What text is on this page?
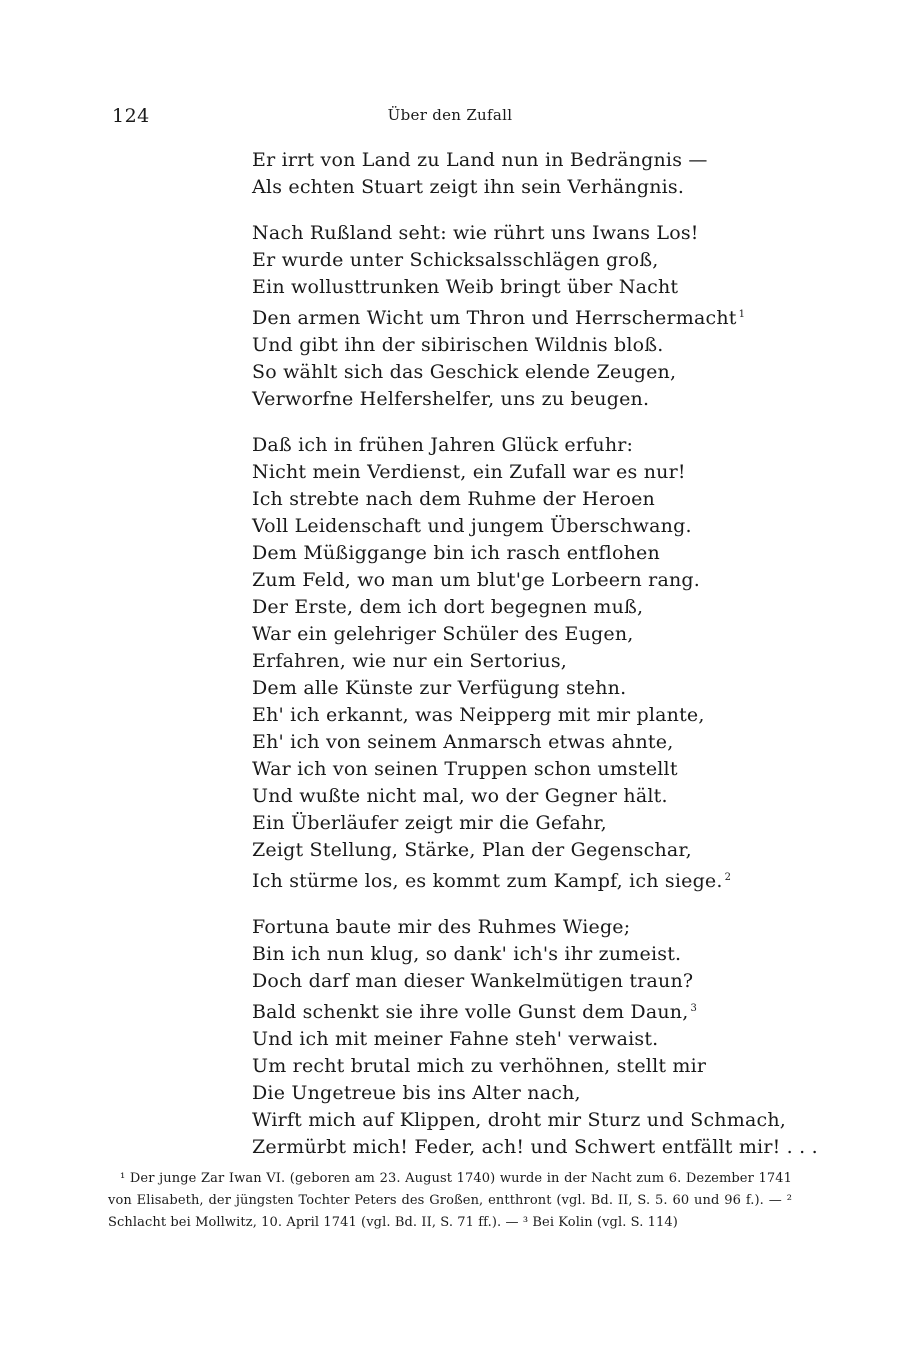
124	Über den Zufall
Er irrt von Land zu Land nun in Bedrängnis —
Als echten Stuart zeigt ihn sein Verhängnis.
Nach Rußland seht: wie rührt uns Iwans Los!
Er wurde unter Schicksalsschlägen groß,
Ein wollusttrunken Weib bringt über Nacht
Den armen Wicht um Thron und Herrschermacht $^1$
Und gibt ihn der sibirischen Wildnis bloß.
So wählt sich das Geschick elende Zeugen,
Verworfne Helfershelfer, uns zu beugen.
Daß ich in frühen Jahren Glück erfuhr:
Nicht mein Verdienst, ein Zufall war es nur!
Ich strebte nach dem Ruhme der Heroen
Voll Leidenschaft und jungem Überschwang.
Dem Müßiggange bin ich rasch entflohen
Zum Feld, wo man um blut'ge Lorbeern rang.
Der Erste, dem ich dort begegnen muß,
War ein gelehriger Schüler des Eugen,
Erfahren, wie nur ein Sertorius,
Dem alle Künste zur Verfügung stehn.
Eh' ich erkannt, was Neipperg mit mir plante,
Eh' ich von seinem Anmarsch etwas ahnte,
War ich von seinen Truppen schon umstellt
Und wußte nicht mal, wo der Gegner hält.
Ein Überläufer zeigt mir die Gefahr,
Zeigt Stellung, Stärke, Plan der Gegenschar,
Ich stürme los, es kommt zum Kampf, ich siege. $^2$
Fortuna baute mir des Ruhmes Wiege;
Bin ich nun klug, so dank' ich's ihr zumeist.
Doch darf man dieser Wankelmütigen traun?
Bald schenkt sie ihre volle Gunst dem Daun, $^3$
Und ich mit meiner Fahne steh' verwaist.
Um recht brutal mich zu verhöhnen, stellt mir
Die Ungetreue bis ins Alter nach,
Wirft mich auf Klippen, droht mir Sturz und Schmach,
Zermürbt mich! Feder, ach! und Schwert entfällt mir! . . .
¹ Der junge Zar Iwan VI. (geboren am 23. August 1740) wurde in der Nacht zum 6. Dezember 1741 von Elisabeth, der jüngsten Tochter Peters des Großen, entthront (vgl. Bd. II, S. 5. 60 und 96 f.). — ² Schlacht bei Mollwitz, 10. April 1741 (vgl. Bd. II, S. 71 ff.). — ³ Bei Kolin (vgl. S. 114)
